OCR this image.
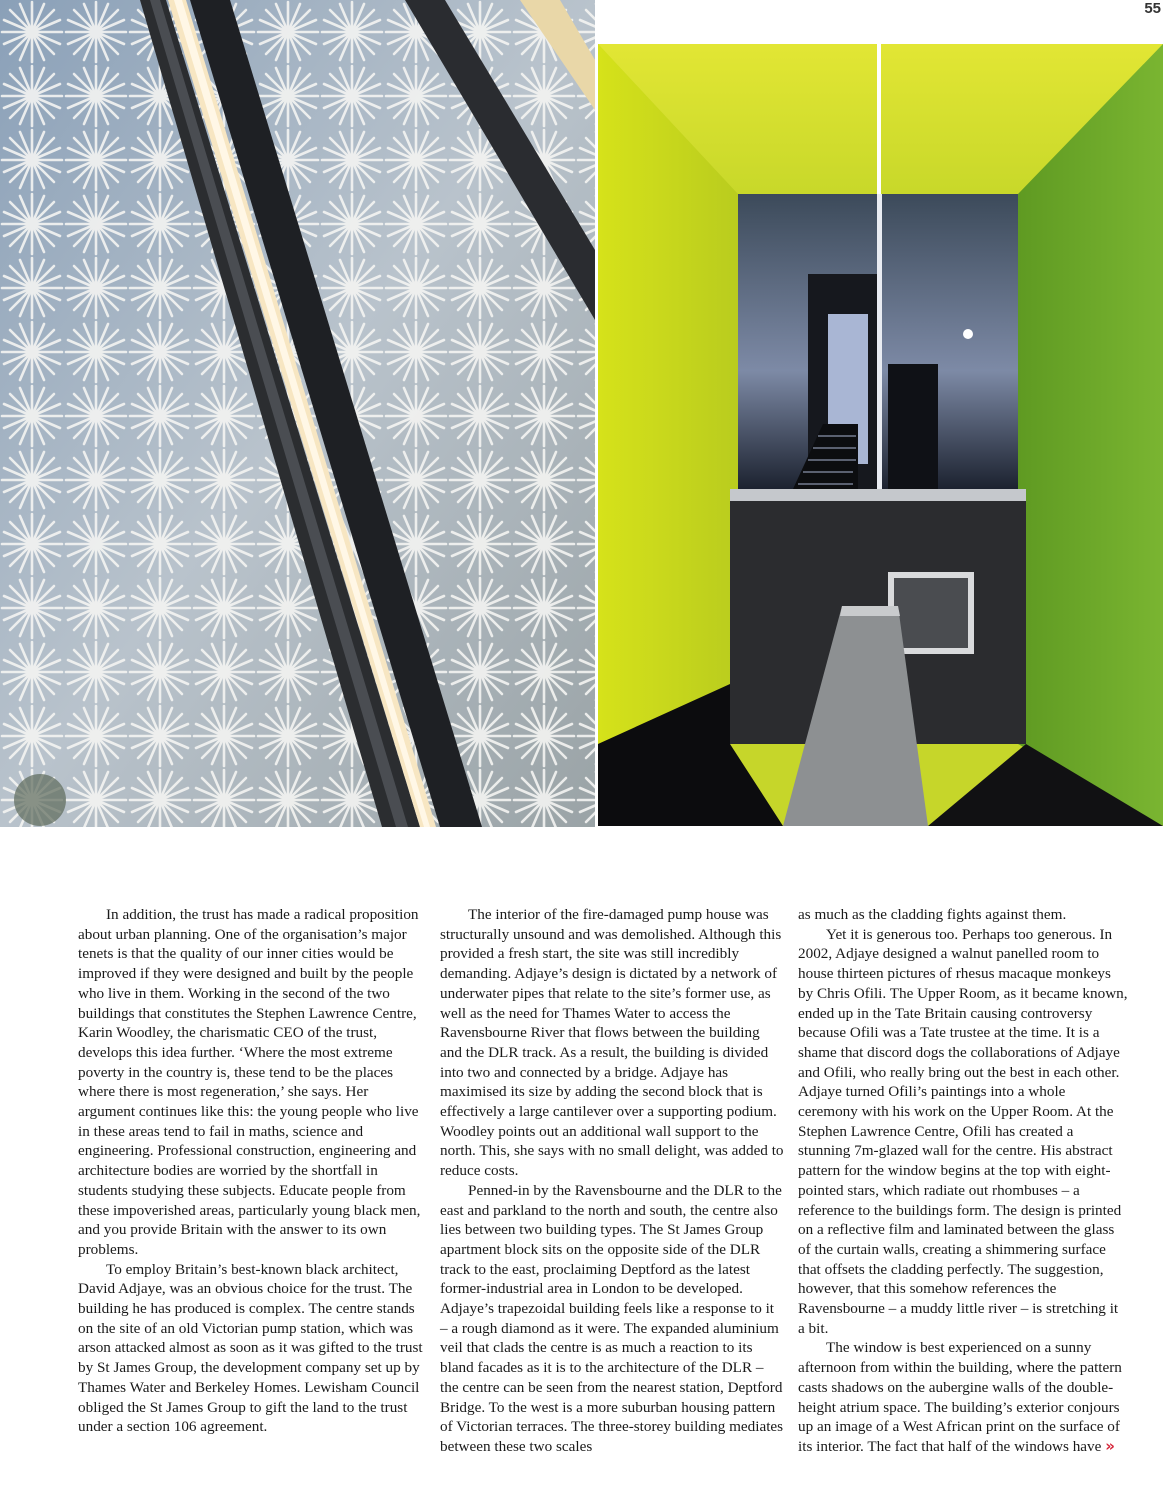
55

In addition, the trust has made a radical proposition about urban planning. One of the organisation’s major tenets is that the quality of our inner cities would be improved if they were designed and built by the people who live in them. Working in the second of the two buildings that constitutes the Stephen Lawrence Centre, Karin Woodley, the charismatic CEO of the trust, develops this idea further. ‘Where the most extreme poverty in the country is, these tend to be the places where there is most regeneration,’ she says. Her argument continues like this: the young people who live in these areas tend to fail in maths, science and engineering. Professional construction, engineering and architecture bodies are worried by the shortfall in students studying these subjects. Educate people from these impoverished areas, particularly young black men, and you provide Britain with the answer to its own problems.

To employ Britain’s best-known black architect, David Adjaye, was an obvious choice for the trust. The building he has produced is complex. The centre stands on the site of an old Victorian pump station, which was arson attacked almost as soon as it was gifted to the trust by St James Group, the development company set up by Thames Water and Berkeley Homes. Lewisham Council obliged the St James Group to gift the land to the trust under a section 106 agreement.

The interior of the fire-damaged pump house was structurally unsound and was demolished. Although this provided a fresh start, the site was still incredibly demanding. Adjaye’s design is dictated by a network of underwater pipes that relate to the site’s former use, as well as the need for Thames Water to access the Ravensbourne River that flows between the building and the DLR track. As a result, the building is divided into two and connected by a bridge. Adjaye has maximised its size by adding the second block that is effectively a large cantilever over a supporting podium. Woodley points out an additional wall support to the north. This, she says with no small delight, was added to reduce costs.

Penned-in by the Ravensbourne and the DLR to the east and parkland to the north and south, the centre also lies between two building types. The St James Group apartment block sits on the opposite side of the DLR track to the east, proclaiming Deptford as the latest former-industrial area in London to be developed. Adjaye’s trapezoidal building feels like a response to it – a rough diamond as it were. The expanded aluminium veil that clads the centre is as much a reaction to its bland facades as it is to the architecture of the DLR – the centre can be seen from the nearest station, Deptford Bridge. To the west is a more suburban housing pattern of Victorian terraces. The three-storey building mediates between these two scales

as much as the cladding fights against them.

Yet it is generous too. Perhaps too generous. In 2002, Adjaye designed a walnut panelled room to house thirteen pictures of rhesus macaque monkeys by Chris Ofili. The Upper Room, as it became known, ended up in the Tate Britain causing controversy because Ofili was a Tate trustee at the time. It is a shame that discord dogs the collaborations of Adjaye and Ofili, who really bring out the best in each other. Adjaye turned Ofili’s paintings into a whole ceremony with his work on the Upper Room. At the Stephen Lawrence Centre, Ofili has created a stunning 7m-glazed wall for the centre. His abstract pattern for the window begins at the top with eight-pointed stars, which radiate out rhombuses – a reference to the buildings form. The design is printed on a reflective film and laminated between the glass of the curtain walls, creating a shimmering surface that offsets the cladding perfectly. The suggestion, however, that this somehow references the Ravensbourne – a muddy little river – is stretching it a bit.

The window is best experienced on a sunny afternoon from within the building, where the pattern casts shadows on the aubergine walls of the double-height atrium space. The building’s exterior conjours up an image of a West African print on the surface of its interior. The fact that half of the windows have »
